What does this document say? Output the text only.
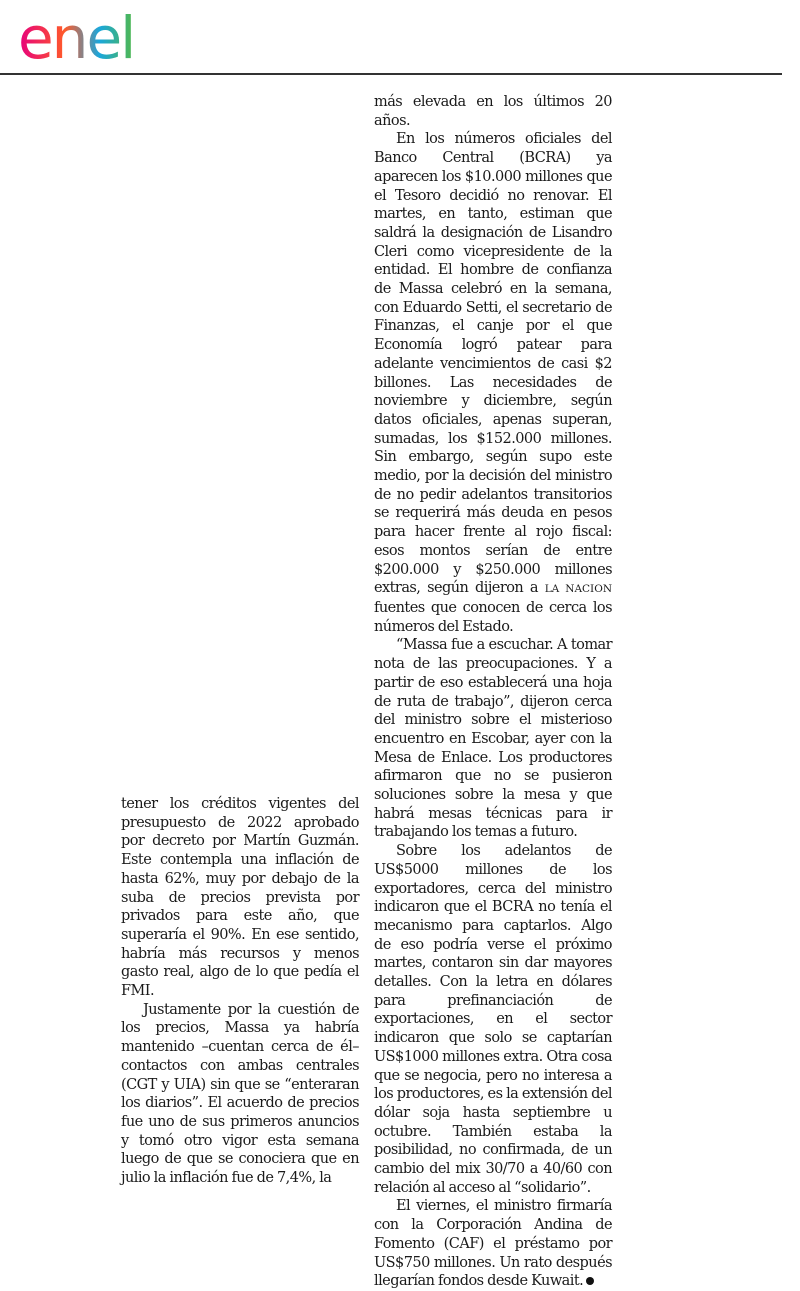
enel

tener los créditos vigentes del presupuesto de 2022 aprobado por decreto por Martín Guzmán. Este contempla una inflación de hasta 62%, muy por debajo de la suba de precios prevista por privados para este año, que superaría el 90%. En ese sentido, habría más recursos y menos gasto real, algo de lo que pedía el FMI.

Justamente por la cuestión de los precios, Massa ya habría mantenido –cuentan cerca de él– contactos con ambas centrales (CGT y UIA) sin que se “enteraran los diarios”. El acuerdo de precios fue uno de sus primeros anuncios y tomó otro vigor esta semana luego de que se conociera que en julio la inflación fue de 7,4%, la

más elevada en los últimos 20 años.

En los números oficiales del Banco Central (BCRA) ya aparecen los $10.000 millones que el Tesoro decidió no renovar. El martes, en tanto, estiman que saldrá la designación de Lisandro Cleri como vicepresidente de la entidad. El hombre de confianza de Massa celebró en la semana, con Eduardo Setti, el secretario de Finanzas, el canje por el que Economía logró patear para adelante vencimientos de casi $2 billones. Las necesidades de noviembre y diciembre, según datos oficiales, apenas superan, sumadas, los $152.000 millones. Sin embargo, según supo este medio, por la decisión del ministro de no pedir adelantos transitorios se requerirá más deuda en pesos para hacer frente al rojo fiscal: esos montos serían de entre $200.000 y $250.000 millones extras, según dijeron a LA NACION fuentes que conocen de cerca los números del Estado.

“Massa fue a escuchar. A tomar nota de las preocupaciones. Y a partir de eso establecerá una hoja de ruta de trabajo”, dijeron cerca del ministro sobre el misterioso encuentro en Escobar, ayer con la Mesa de Enlace. Los productores afirmaron que no se pusieron soluciones sobre la mesa y que habrá mesas técnicas para ir trabajando los temas a futuro.

Sobre los adelantos de US$5000 millones de los exportadores, cerca del ministro indicaron que el BCRA no tenía el mecanismo para captarlos. Algo de eso podría verse el próximo martes, contaron sin dar mayores detalles. Con la letra en dólares para prefinanciación de exportaciones, en el sector indicaron que solo se captarían US$1000 millones extra. Otra cosa que se negocia, pero no interesa a los productores, es la extensión del dólar soja hasta septiembre u octubre. También estaba la posibilidad, no confirmada, de un cambio del mix 30/70 a 40/60 con relación al acceso al “solidario”.

El viernes, el ministro firmaría con la Corporación Andina de Fomento (CAF) el préstamo por US$750 millones. Un rato después llegarían fondos desde Kuwait.
